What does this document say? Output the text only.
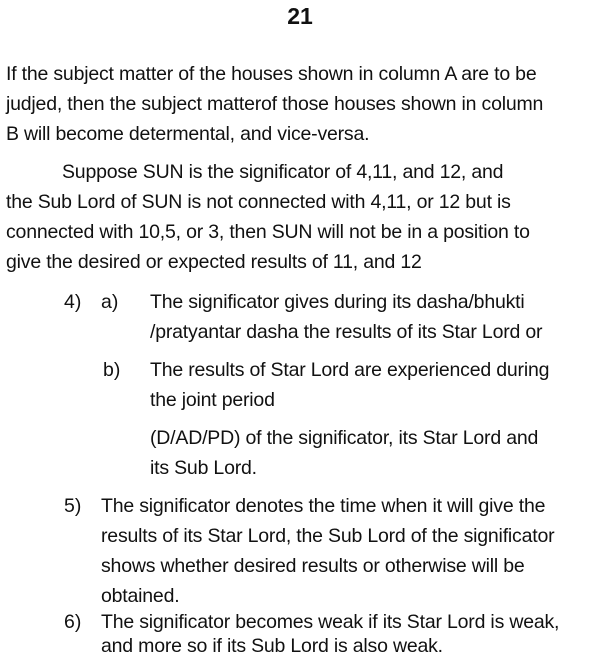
21
If the subject matter of the houses shown in column A are to be
judjed, then the subject matterof those houses shown in column
B will become determental, and vice-versa.
Suppose SUN is the significator of 4,11, and 12, and
the Sub Lord of SUN is not connected with 4,11, or 12 but is
connected with 10,5, or 3, then SUN will not be in a position to
give the desired or expected results of 11, and 12
4) a) The significator gives during its dasha/bhukti
/pratyantar dasha the results of its Star Lord or
b) The results of Star Lord are experienced during
the joint period
(D/AD/PD) of the significator, its Star Lord and
its Sub Lord.
5) The significator denotes the time when it will give the
results of its Star Lord, the Sub Lord of the significator
shows whether desired results or otherwise will be
obtained.
6) The significator becomes weak if its Star Lord is weak,
and more so if its Sub Lord is also weak.
